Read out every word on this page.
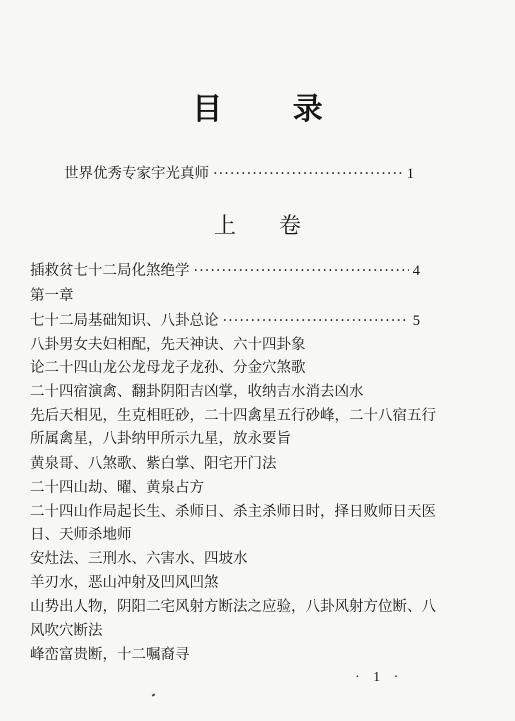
目 录
世界优秀专家宇光真师 ·····	1
上 卷
插救贫七十二局化煞绝学 ·····	4
第一章
七十二局基础知识、八卦总论 ·····	5
八卦男女夫妇相配，先天神诀、六十四卦象
论二十四山龙公龙母龙子龙孙、分金穴煞歌
二十四宿演禽、翻卦阴阳吉凶掌，收纳吉水消去凶水
先后天相见，生克相旺砂，二十四禽星五行砂峰，二十八宿五行
所属禽星，八卦纳甲所示九星，放永要旨
黄泉哥、八煞歌、紫白掌、阳宅开门法
二十四山劫、曜、黄泉占方
二十四山作局起长生、杀师日、杀主杀师日时，择日败师日天医
日、天师杀地师
安灶法、三刑水、六害水、四坡水
羊刃水，恶山冲射及凹风凹煞
山势出人物，阴阳二宅风射方断法之应验，八卦风射方位断、八
风吹穴断法
峰峦富贵断，十二嘱裔寻
· 1 ·
